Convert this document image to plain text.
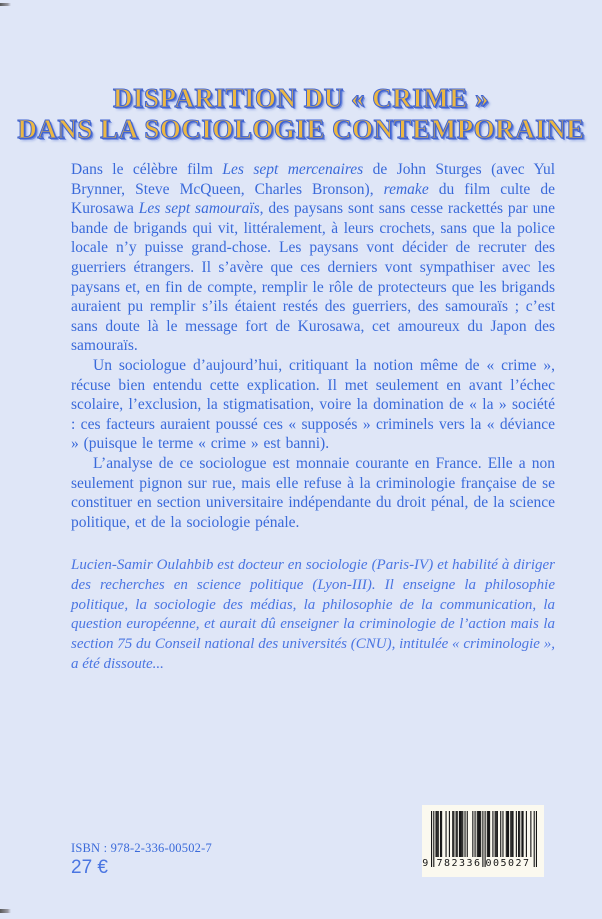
DISPARITION DU « CRIME »
DANS LA SOCIOLOGIE CONTEMPORAINE

Dans le célèbre film Les sept mercenaires de John Sturges (avec Yul Brynner, Steve McQueen, Charles Bronson), remake du film culte de Kurosawa Les sept samouraïs, des paysans sont sans cesse rackettés par une bande de brigands qui vit, littéralement, à leurs crochets, sans que la police locale n’y puisse grand-chose. Les paysans vont décider de recruter des guerriers étrangers. Il s’avère que ces derniers vont sympathiser avec les paysans et, en fin de compte, remplir le rôle de protecteurs que les brigands auraient pu remplir s’ils étaient restés des guerriers, des samouraïs ; c’est sans doute là le message fort de Kurosawa, cet amoureux du Japon des samouraïs.

Un sociologue d’aujourd’hui, critiquant la notion même de « crime », récuse bien entendu cette explication. Il met seulement en avant l’échec scolaire, l’exclusion, la stigmatisation, voire la domination de « la » société : ces facteurs auraient poussé ces « supposés » criminels vers la « déviance » (puisque le terme « crime » est banni).

L’analyse de ce sociologue est monnaie courante en France. Elle a non seulement pignon sur rue, mais elle refuse à la criminologie française de se constituer en section universitaire indépendante du droit pénal, de la science politique, et de la sociologie pénale.

Lucien-Samir Oulahbib est docteur en sociologie (Paris-IV) et habilité à diriger des recherches en science politique (Lyon-III). Il enseigne la philosophie politique, la sociologie des médias, la philosophie de la communication, la question européenne, et aurait dû enseigner la criminologie de l’action mais la section 75 du Conseil national des universités (CNU), intitulée « criminologie », a été dissoute...
ISBN : 978-2-336-00502-7
27 €	9 782336 005027
